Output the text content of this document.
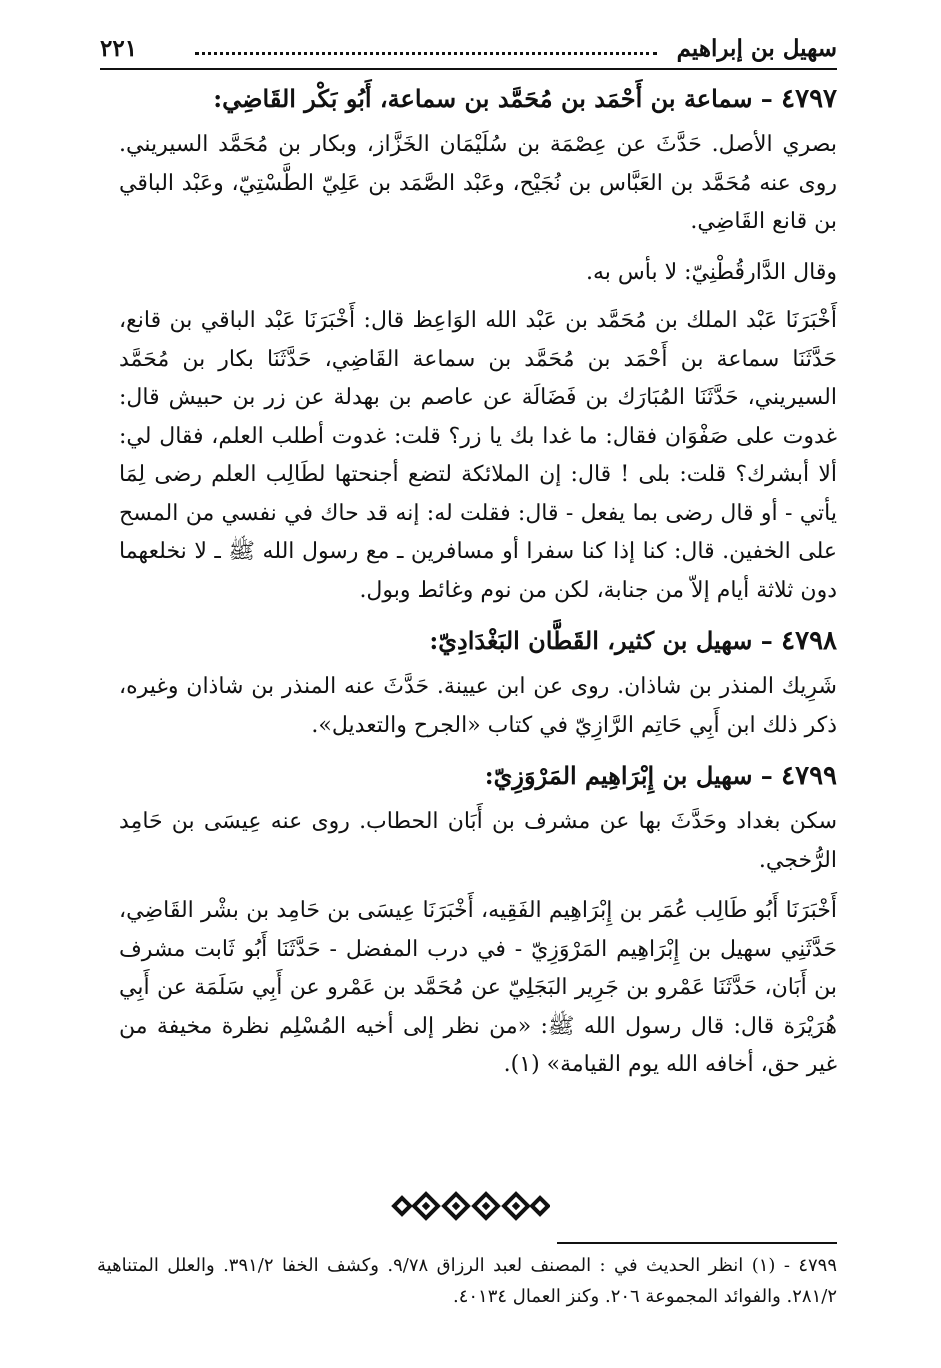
سهيل بن إبراهيم
٢٢١
٤٧٩٧ – سماعة بن أَحْمَد بن مُحَمَّد بن سماعة، أَبُو بَكْر القَاضِي:

بصري الأصل. حَدَّثَ عن عِصْمَة بن سُلَيْمَان الخَزَّاز، وبكار بن مُحَمَّد السيريني. روى عنه مُحَمَّد بن العَبَّاس بن نُجَيْح، وعَبْد الصَّمَد بن عَلِيّ الطَّسْتِيّ، وعَبْد الباقي بن قانع القَاضِي.

وقال الدَّارقُطْنِيّ: لا بأس به.

أَخْبَرَنَا عَبْد الملك بن مُحَمَّد بن عَبْد الله الوَاعِظ قال: أَخْبَرَنَا عَبْد الباقي بن قانع، حَدَّثَنَا سماعة بن أَحْمَد بن مُحَمَّد بن سماعة القَاضِي، حَدَّثَنَا بكار بن مُحَمَّد السيريني، حَدَّثَنَا المُبَارَك بن فَضَالَة عن عاصم بن بهدلة عن زر بن حبيش قال: غدوت على صَفْوَان فقال: ما غدا بك يا زر؟ قلت: غدوت أطلب العلم، فقال لي: ألا أبشرك؟ قلت: بلى ! قال: إن الملائكة لتضع أجنحتها لطَالِب العلم رضى لِمَا يأتي - أو قال رضى بما يفعل - قال: فقلت له: إنه قد حاك في نفسي من المسح على الخفين. قال: كنا إذا كنا سفرا أو مسافرين ـ مع رسول الله ﷺ ـ لا نخلعهما دون ثلاثة أيام إلاّ من جنابة، لكن من نوم وغائط وبول.

٤٧٩٨ – سهيل بن كثير، القَطَّان البَغْدَادِيّ:

شَرِيك المنذر بن شاذان. روى عن ابن عيينة. حَدَّثَ عنه المنذر بن شاذان وغيره، ذكر ذلك ابن أَبِي حَاتِم الرَّازِيّ في كتاب «الجرح والتعديل».

٤٧٩٩ – سهيل بن إِبْرَاهِيم المَرْوَزِيّ:

سكن بغداد وحَدَّثَ بها عن مشرف بن أَبَان الحطاب. روى عنه عِيسَى بن حَامِد الرُّخجي.

أَخْبَرَنَا أَبُو طَالِب عُمَر بن إِبْرَاهِيم الفَقِيه، أَخْبَرَنَا عِيسَى بن حَامِد بن بشْر القَاضِي، حَدَّثَنِي سهيل بن إِبْرَاهِيم المَرْوَزِيّ - في درب المفضل - حَدَّثَنَا أَبُو ثَابت مشرف بن أَبَان، حَدَّثَنَا عَمْرو بن جَرِير البَجَلِيّ عن مُحَمَّد بن عَمْرو عن أَبِي سَلَمَة عن أَبِي هُرَيْرَة قال: قال رسول الله ﷺ: «من نظر إلى أخيه المُسْلِم نظرة مخيفة من غير حق، أخافه الله يوم القيامة» (١).

٤٧٩٩ - (١) انظر الحديث في : المصنف لعبد الرزاق ٩/٧٨. وكشف الخفا ٣٩١/٢. والعلل المتناهية ٢٨١/٢. والفوائد المجموعة ٢٠٦. وكنز العمال ٤٠١٣٤.
